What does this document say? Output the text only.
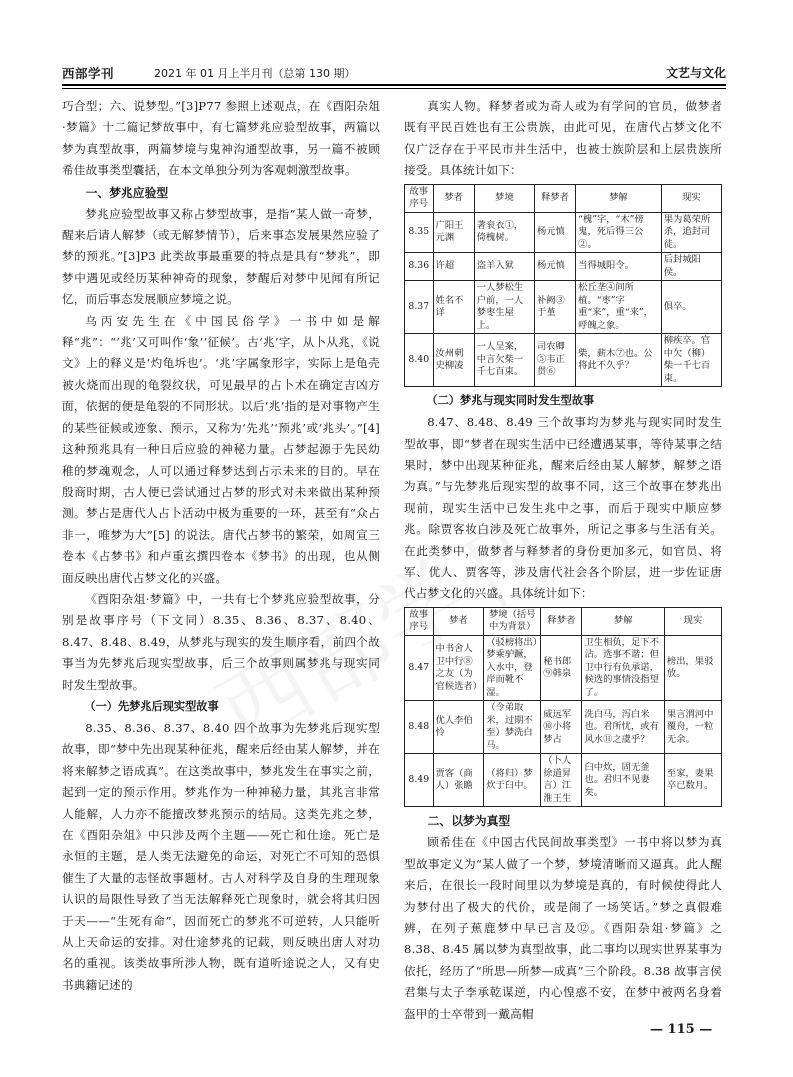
西部学刊	2021 年 01 月上半月刊（总第 130 期）	文艺与文化

巧合型；六、说梦型。”[3]P77 参照上述观点，在《酉阳杂俎·梦篇》十二篇记梦故事中，有七篇梦兆应验型故事，两篇以梦为真型故事，两篇梦境与鬼神沟通型故事，另一篇不被顾希佳故事类型囊括，在本文单独分列为客观刺激型故事。

一、梦兆应验型

梦兆应验型故事又称占梦型故事，是指“某人做一奇梦，醒来后请人解梦（或无解梦情节），后来事态发展果然应验了梦的预兆。”[3]P3 此类故事最重要的特点是具有“梦兆”，即梦中遇见或经历某种神奇的现象，梦醒后对梦中见闻有所记忆，而后事态发展顺应梦境之说。

乌丙安先生在《中国民俗学》一书中如是解释“兆”：“‘兆’又可叫作‘象’‘征候’。古‘兆’字，从卜从兆，《说文》上的释义是‘灼龟坼也’。‘兆’字属象形字，实际上是龟壳被火烧而出现的龟裂纹状，可见最早的占卜术在确定吉凶方面，依据的便是龟裂的不同形状。以后‘兆’指的是对事物产生的某些征候或迹象、预示，又称为‘先兆’‘预兆’或‘兆头’。”[4] 这种预兆具有一种日后应验的神秘力量。占梦起源于先民幼稚的梦魂观念，人可以通过释梦达到占示未来的目的。早在殷商时期，古人便已尝试通过占梦的形式对未来做出某种预测。梦占是唐代人占卜活动中极为重要的一环，甚至有“众占非一，唯梦为大”[5] 的说法。唐代占梦书的繁荣，如周宣三卷本《占梦书》和卢重玄撰四卷本《梦书》的出现，也从侧面反映出唐代占梦文化的兴盛。

《酉阳杂俎·梦篇》中，一共有七个梦兆应验型故事，分别是故事序号（下文同）8.35、8.36、8.37、8.40、8.47、8.48、8.49，从梦兆与现实的发生顺序看，前四个故事当为先梦兆后现实型故事，后三个故事则属梦兆与现实同时发生型故事。

（一）先梦兆后现实型故事

8.35、8.36、8.37、8.40 四个故事为先梦兆后现实型故事，即“梦中先出现某种征兆，醒来后经由某人解梦，并在将来解梦之语成真”。在这类故事中，梦兆发生在事实之前，起到一定的预示作用。梦兆作为一种神秘力量，其兆言非常人能解，人力亦不能擅改梦兆预示的结局。这类先兆之梦，在《酉阳杂俎》中只涉及两个主题——死亡和仕途。死亡是永恒的主题，是人类无法避免的命运，对死亡不可知的恐惧催生了大量的志怪故事题材。古人对科学及自身的生理现象认识的局限性导致了当无法解释死亡现象时，就会将其归因于天——“生死有命”，因而死亡的梦兆不可逆转，人只能听从上天命运的安排。对仕途梦兆的记载，则反映出唐人对功名的重视。该类故事所涉人物，既有道听途说之人，又有史书典籍记述的

真实人物。释梦者或为奇人或为有学问的官员，做梦者既有平民百姓也有王公贵族，由此可见，在唐代占梦文化不仅广泛存在于平民市井生活中，也被士族阶层和上层贵族所接受。具体统计如下：

故事序号	梦者	梦境	释梦者	梦解	现实
8.35	广阳王元渊	著衮衣①，倚槐树。	杨元慎	“槐”字，“木”傍鬼，死后得三公②。	果为葛荣所杀，追封司徒。
8.36	许超	盗羊入狱	杨元慎	当得城阳令。	后封城阳侯。
8.37	姓名不详	一人梦松生户前，一人梦枣生屋上。	补阙③于堇	松丘垄④间所植。“枣”字重“来”，重“来”，呼魄之象。	俱卒。
8.40	汝州刺史柳凌	一人呈案，中言欠柴一千七百束。	司农卿⑤韦正贯⑥	柴，薪木⑦也。公将此不久乎？	柳疾卒。官中欠（柳）柴一千七百束。
（二）梦兆与现实同时发生型故事

8.47、8.48、8.49 三个故事均为梦兆与现实同时发生型故事，即“梦者在现实生活中已经遭遇某事，等待某事之结果时，梦中出现某种征兆，醒来后经由某人解梦，解梦之语为真。”与先梦兆后现实型的故事不同，这三个故事在梦兆出现前，现实生活中已发生兆中之事，而后于现实中顺应梦兆。除贾客妆白涉及死亡故事外，所记之事多与生活有关。在此类梦中，做梦者与释梦者的身份更加多元，如官员、将军、优人、贾客等，涉及唐代社会各个阶层，进一步佐证唐代占梦文化的兴盛。具体统计如下：

故事序号	梦者	梦境（括号中为背景）	释梦者	梦解	现实
8.47	中书舍人卫中行⑧之友（为官候选者）	（驳榜将出）梦乘驴蹶，入水中，登岸而靴不湿。	秘书郎⑨韩泉	卫生相负，足下不沾。选事不谐；但卫中行有负承诺，候选的事情没指望了。	榜出，果驳放。
8.48	优人李伯怜	（令弟取米，过期不至）梦洗白马。	威远军⑩小将梦占	洗白马，泻白米也。君所忧，或有风水⑪之虞乎？	果言渭河中覆舟，一粒无余。
8.49	贾客（商人）张瞻	（将归）梦炊于臼中。	（卜人徐道昇言）江淮王生	臼中炊，固无釜也。君归不见妻矣。	至家，妻果卒已数月。
二、以梦为真型

顾希佳在《中国古代民间故事类型》一书中将以梦为真型故事定义为“某人做了一个梦，梦境清晰而又逼真。此人醒来后，在很长一段时间里以为梦境是真的，有时候使得此人为梦付出了极大的代价，或是闹了一场笑话。”梦之真假难辨，在列子蕉鹿梦中早已言及⑫。《酉阳杂俎·梦篇》之 8.38、8.45 属以梦为真型故事，此二事均以现实世界某事为依托，经历了“所思—所梦—成真”三个阶段。8.38 故事言侯君集与太子李承乾谋逆，内心惶惑不安，在梦中被两名身着盔甲的士卒带到一戴高帽

— 115 —
